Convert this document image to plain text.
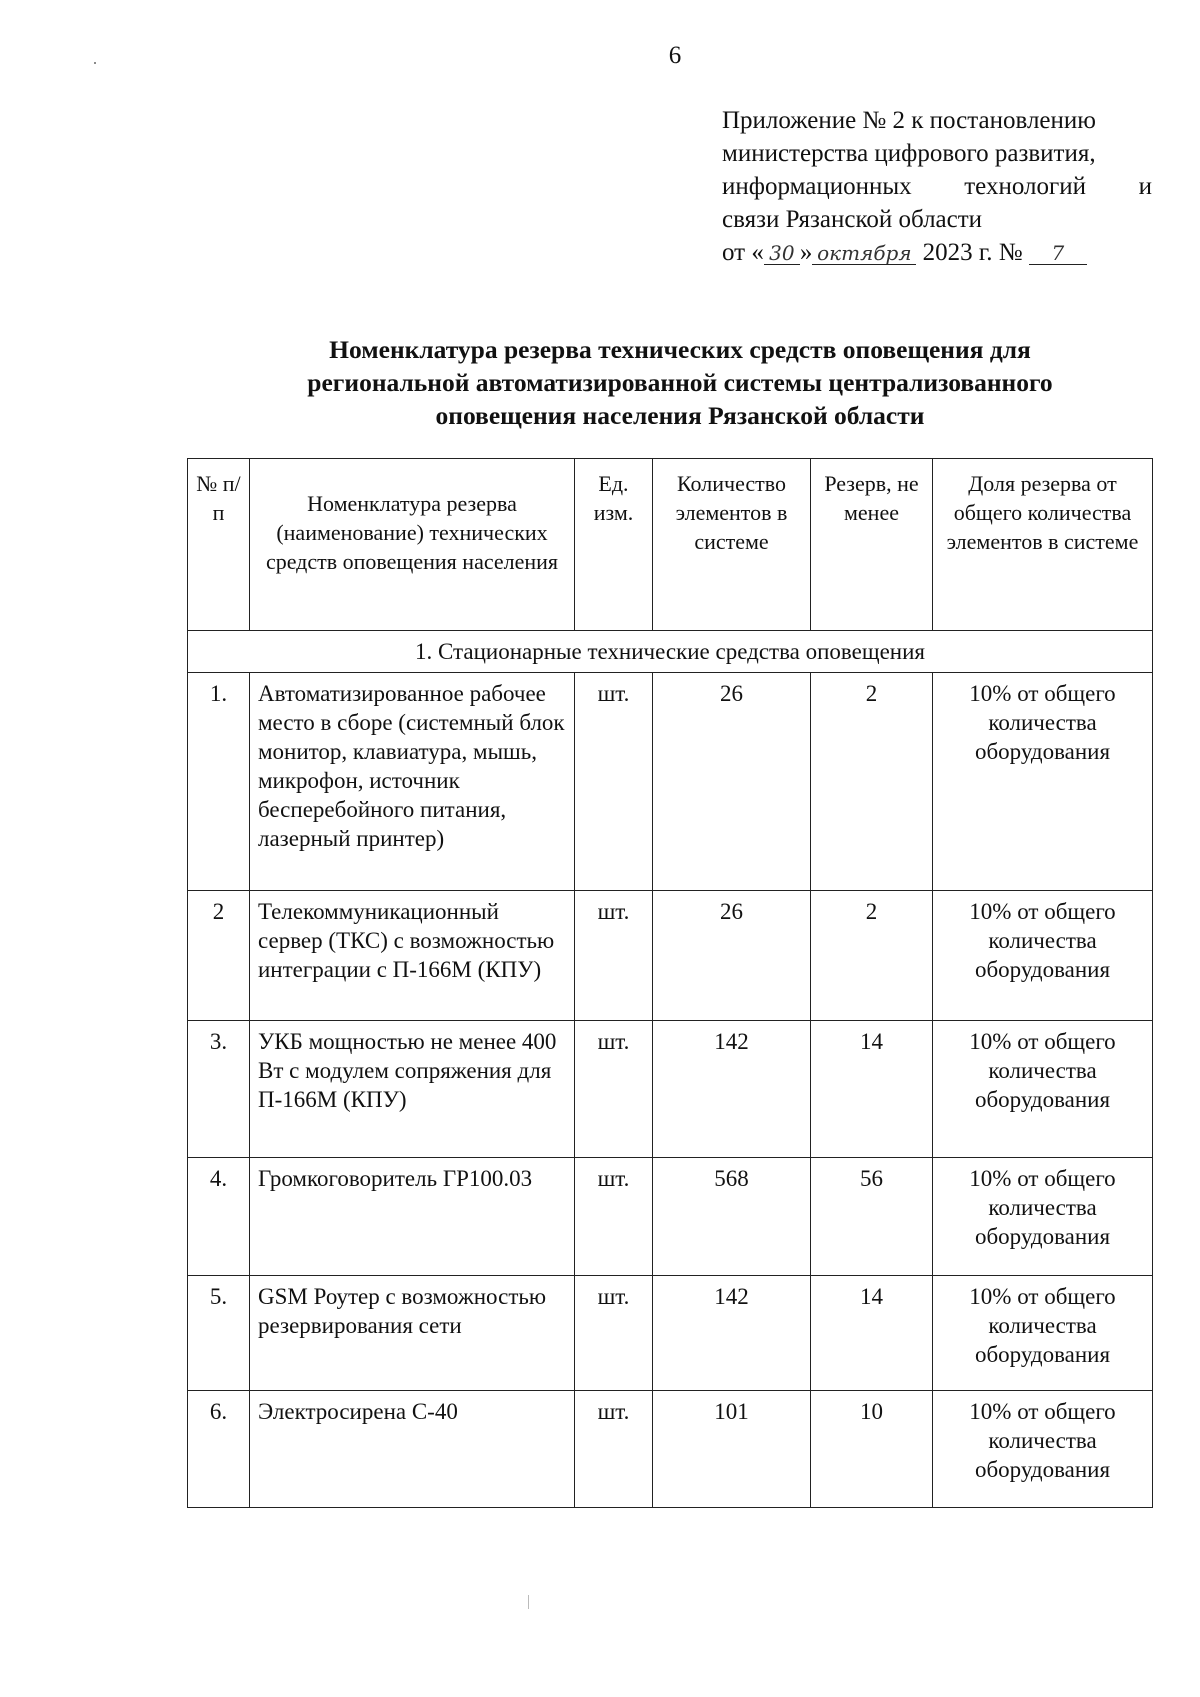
6
Приложение № 2 к постановлению
министерства цифрового развития,
информационных технологий и
связи Рязанской области
от « 30 » октября 2023 г. № 7
Номенклатура резерва технических средств оповещения для
региональной автоматизированной системы централизованного
оповещения населения Рязанской области
№ п/п	Номенклатура резерва (наименование) технических средств оповещения населения	Ед. изм.	Количество элементов в системе	Резерв, не менее	Доля резерва от общего количества элементов в системе
1. Стационарные технические средства оповещения					
1.	Автоматизированное рабочее место в сборе (системный блок монитор, клавиатура, мышь, микрофон, источник бесперебойного питания, лазерный принтер)	шт.	26	2	10% от общего количества оборудования
2	Телекоммуникационный сервер (ТКС) с возможностью интеграции с П-166М (КПУ)	шт.	26	2	10% от общего количества оборудования
3.	УКБ мощностью не менее 400 Вт с модулем сопряжения для П-166М (КПУ)	шт.	142	14	10% от общего количества оборудования
4.	Громкоговоритель ГР100.03	шт.	568	56	10% от общего количества оборудования
5.	GSM Роутер с возможностью резервирования сети	шт.	142	14	10% от общего количества оборудования
6.	Электросирена С-40	шт.	101	10	10% от общего количества оборудования
